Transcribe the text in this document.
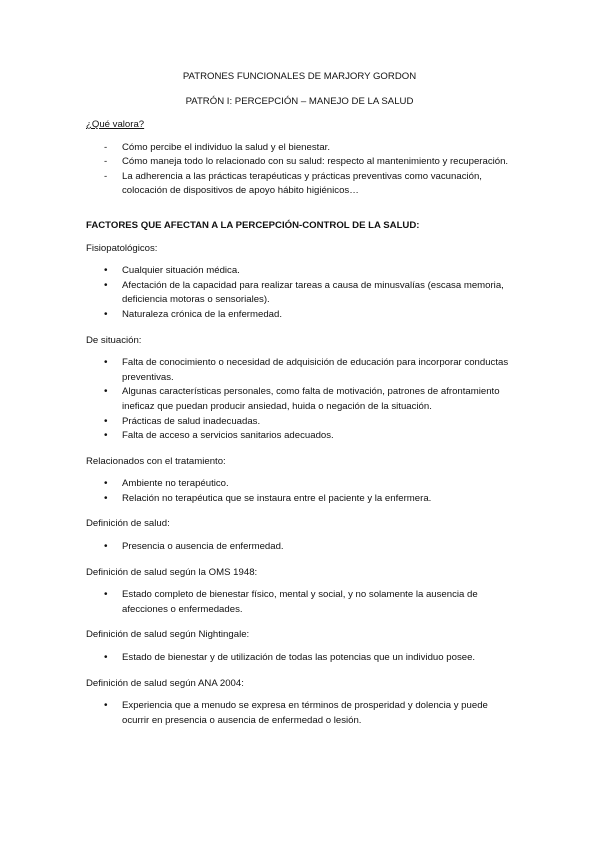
PATRONES FUNCIONALES DE MARJORY GORDON
PATRÓN I: PERCEPCIÓN – MANEJO DE LA SALUD

¿Qué valora?

- Cómo percibe el individuo la salud y el bienestar.
- Cómo maneja todo lo relacionado con su salud: respecto al mantenimiento y recuperación.
- La adherencia a las prácticas terapéuticas y prácticas preventivas como vacunación, colocación de dispositivos de apoyo hábito higiénicos…

FACTORES QUE AFECTAN A LA PERCEPCIÓN-CONTROL DE LA SALUD:

Fisiopatológicos:

• Cualquier situación médica.
• Afectación de la capacidad para realizar tareas a causa de minusvalías (escasa memoria, deficiencia motoras o sensoriales).
• Naturaleza crónica de la enfermedad.

De situación:

• Falta de conocimiento o necesidad de adquisición de educación para incorporar conductas preventivas.
• Algunas características personales, como falta de motivación, patrones de afrontamiento ineficaz que puedan producir ansiedad, huida o negación de la situación.
• Prácticas de salud inadecuadas.
• Falta de acceso a servicios sanitarios adecuados.

Relacionados con el tratamiento:

• Ambiente no terapéutico.
• Relación no terapéutica que se instaura entre el paciente y la enfermera.

Definición de salud:

• Presencia o ausencia de enfermedad.

Definición de salud según la OMS 1948:

• Estado completo de bienestar físico, mental y social, y no solamente la ausencia de afecciones o enfermedades.

Definición de salud según Nightingale:

• Estado de bienestar y de utilización de todas las potencias que un individuo posee.

Definición de salud según ANA 2004:

• Experiencia que a menudo se expresa en términos de prosperidad y dolencia y puede ocurrir en presencia o ausencia de enfermedad o lesión.
